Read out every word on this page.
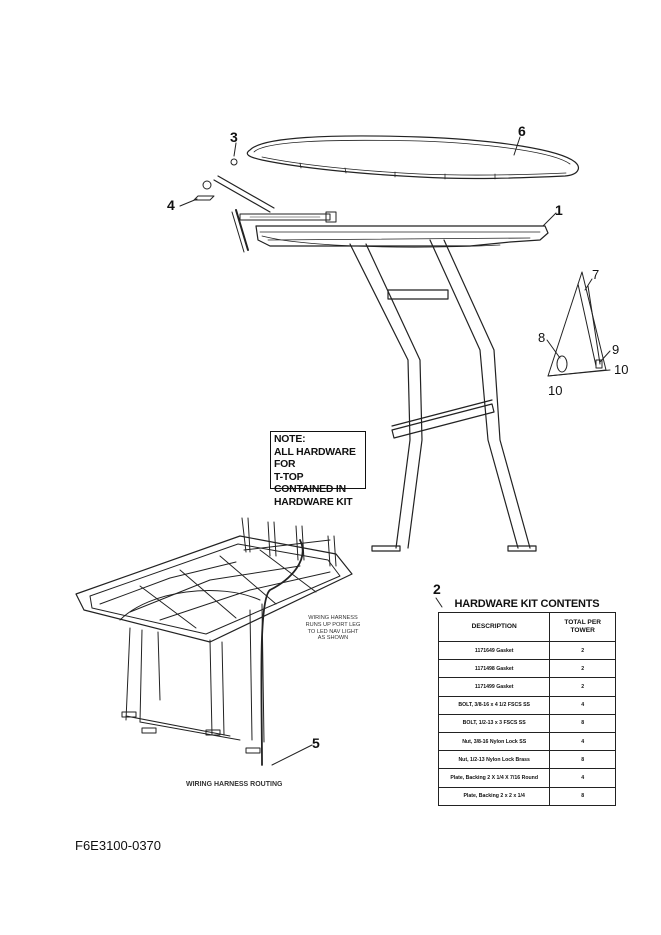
6
1
3
4
5
2
7
8
9
10
10
NOTE:
ALL HARDWARE FOR
T-TOP CONTAINED IN
HARDWARE KIT
WIRING HARNESS
RUNS UP PORT LEG
TO LED NAV LIGHT
AS SHOWN
WIRING HARNESS ROUTING
HARDWARE KIT CONTENTS
DESCRIPTION	TOTAL PER
TOWER

1171649 Gasket	2
1171498 Gasket	2
1171499 Gasket	2
BOLT, 3/8-16 x 4 1/2 FSCS SS	4
BOLT, 1/2-13 x 3 FSCS SS	8
Nut, 3/8-16 Nylon Lock SS	4
Nut, 1/2-13 Nylon Lock Brass	8
Plate, Backing 2 X 1/4 X 7/16 Round	4
Plate, Backing 2 x 2 x 1/4	8
F6E3100-0370
